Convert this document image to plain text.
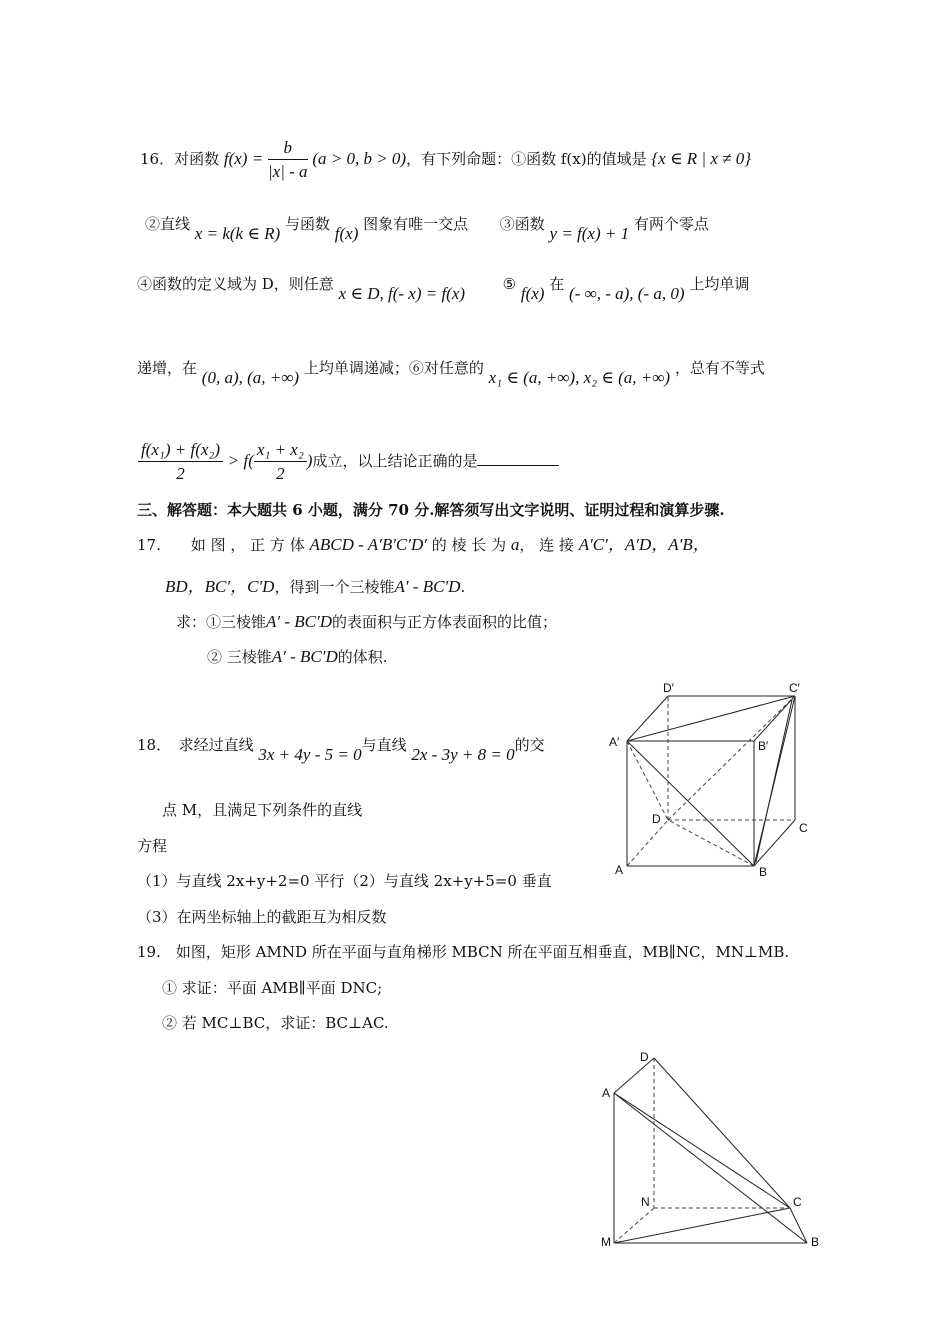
16．对函数 $f(x) = \frac{b}{|x| - a} (a > 0$, b > 0)，有下列命题：①函数 f(x)的值域是 {x ∈ R | x ≠ 0}
②直线 x = k(k ∈ R) 与函数 f(x) 图象有唯一交点 ③函数 y = f(x) + 1 有两个零点
④函数的定义域为 D，则任意 x ∈ D, f(- x) = f(x)	⑤ f(x) 在 (- ∞, - a), (- a, 0) 上均单调
递增，在 (0, a), (a, +∞) 上均单调递减；⑥对任意的 x₁ ∈ (a, +∞), x₂ ∈ (a, +∞) ，总有不等式
$\frac{\text{f(x₁) + f(x₂)}}{2} > f( \frac{\text{x₁ + x₂}}{2}$ )成立，以上结论正确的是
三、解答题：本大题共 6 小题，满分 70 分.解答须写出文字说明、证明过程和演算步骤.
17.　　如 图 ， 正 方 体 ABCD - A′B′C′D′ 的 棱 长 为 a， 连 接 A′C′，A′D，A′B，
BD，BC′，C′D，得到一个三棱锥A′ - BC′D.
求：①三棱锥A′ - BC′D的表面积与正方体表面积的比值；
② 三棱锥A′ - BC′D的体积.
18．　求经过直线 3x + 4y - 5 = 0与直线 2x - 3y + 8 = 0的交
点 M，且满足下列条件的直线
方程
（1）与直线 2x+y+2=0 平行（2）与直线 2x+y+5=0 垂直
（3）在两坐标轴上的截距互为相反数
19.　如图，矩形 AMND 所在平面与直角梯形 MBCN 所在平面互相垂直，MB∥NC，MN⊥MB.
① 求证：平面 AMB∥平面 DNC;
② 若 MC⊥BC，求证：BC⊥AC.
D′	C′
A′	B′
D
C
A	B
D
A
N	C
M	B
